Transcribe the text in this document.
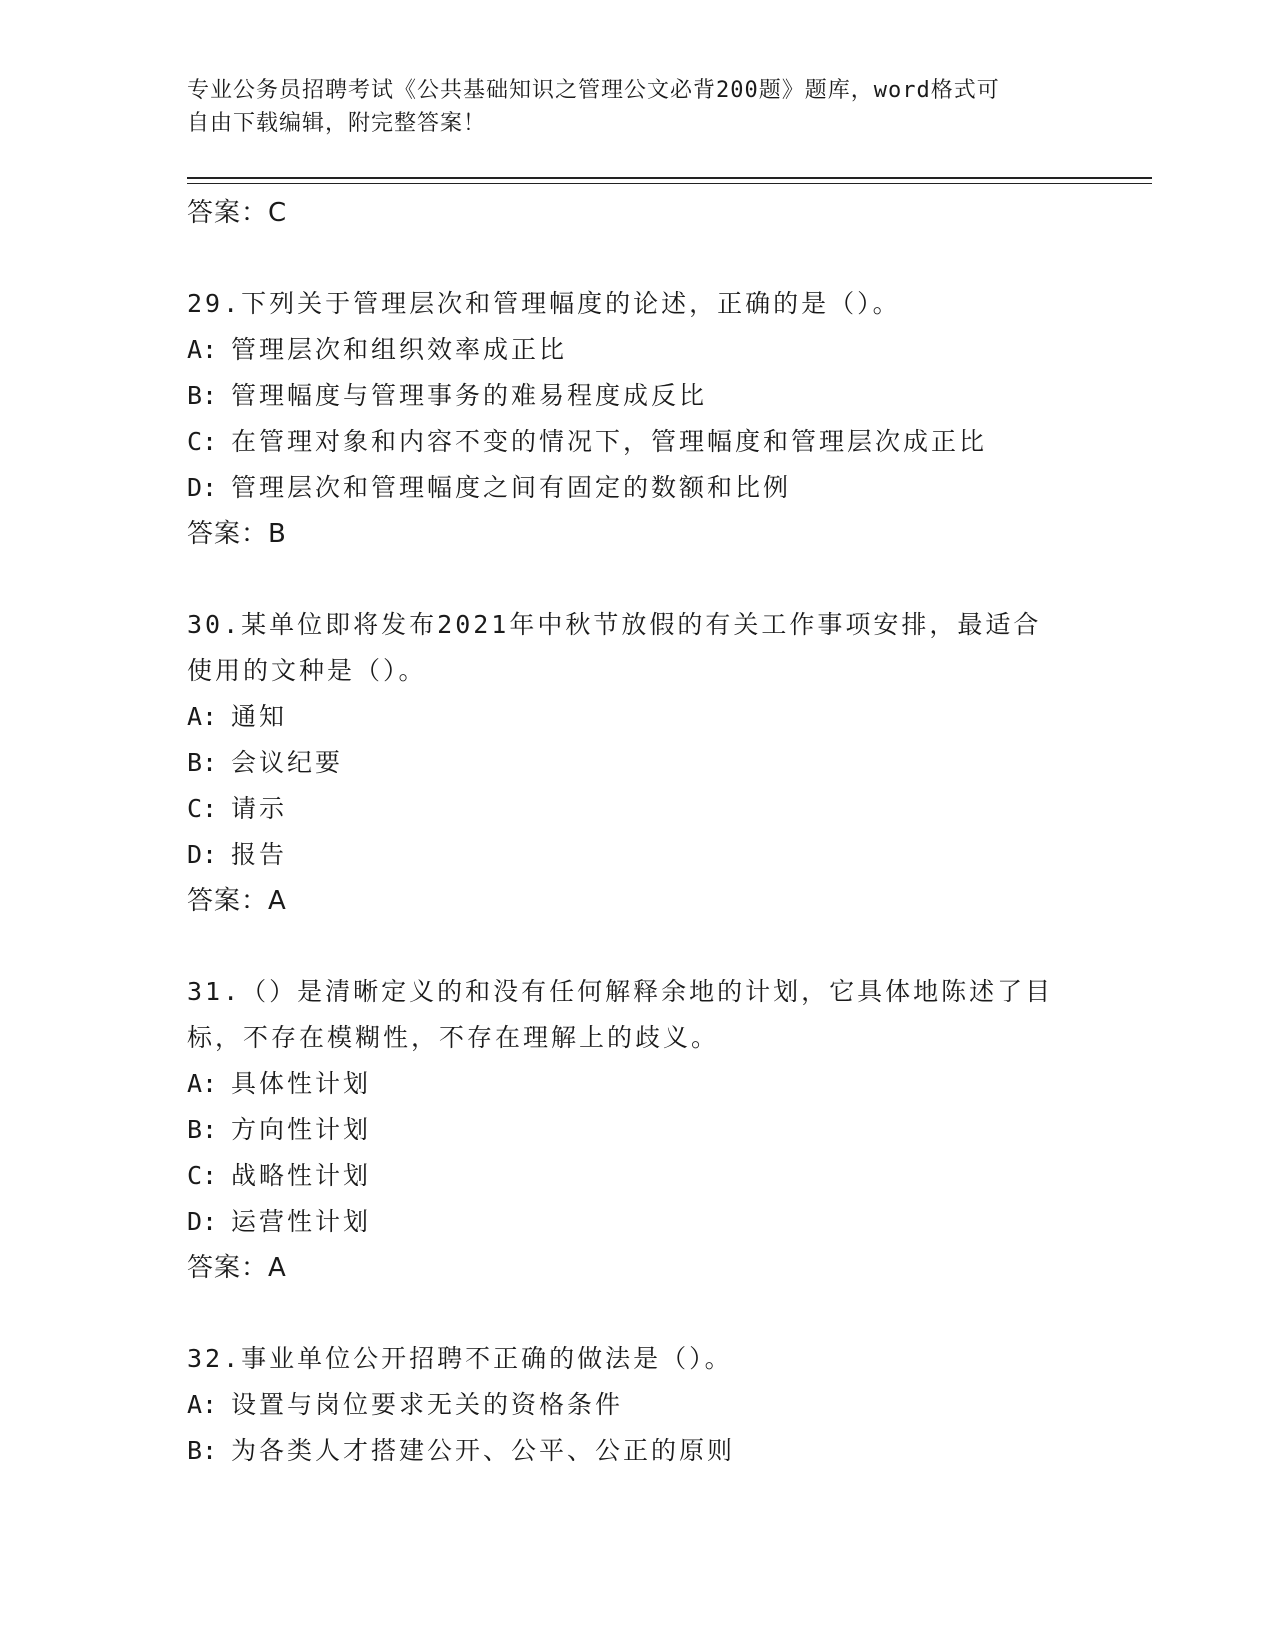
专业公务员招聘考试《公共基础知识之管理公文必背200题》题库，word格式可
自由下载编辑，附完整答案！
答案：C
29.下列关于管理层次和管理幅度的论述，正确的是（）。
A: 管理层次和组织效率成正比
B: 管理幅度与管理事务的难易程度成反比
C: 在管理对象和内容不变的情况下，管理幅度和管理层次成正比
D: 管理层次和管理幅度之间有固定的数额和比例
答案：B
30.某单位即将发布2021年中秋节放假的有关工作事项安排，最适合使用的文种是（）。
A: 通知
B: 会议纪要
C: 请示
D: 报告
答案：A
31.（）是清晰定义的和没有任何解释余地的计划，它具体地陈述了目标，不存在模糊性，不存在理解上的歧义。
A: 具体性计划
B: 方向性计划
C: 战略性计划
D: 运营性计划
答案：A
32.事业单位公开招聘不正确的做法是（）。
A: 设置与岗位要求无关的资格条件
B: 为各类人才搭建公开、公平、公正的原则
